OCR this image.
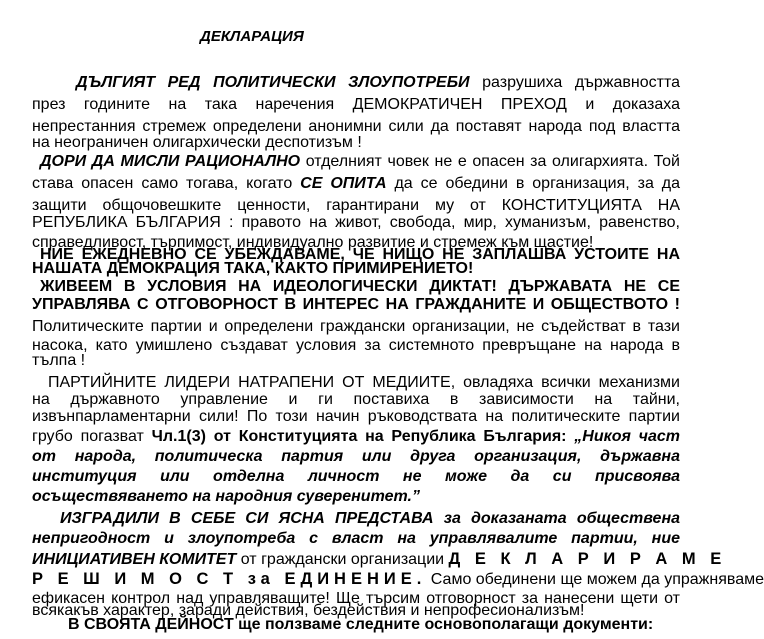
ДЕКЛАРАЦИЯ
ДЪЛГИЯТ РЕД ПОЛИТИЧЕСКИ ЗЛОУПОТРЕБИ разрушиха държавността
през годините на така наречения ДЕМОКРАТИЧЕН ПРЕХОД и доказаха
непрестанния стремеж определени анонимни сили да поставят народа под властта
на неограничен олигархически деспотизъм !
ДОРИ ДА МИСЛИ РАЦИОНАЛНО отделният човек не е опасен за олигархията. Той
става опасен само тогава, когато СЕ ОПИТА да се обедини в организация, за да
защити общочовешките ценности, гарантирани му от КОНСТИТУЦИЯТА НА
РЕПУБЛИКА БЪЛГАРИЯ : правото на живот, свобода, мир, хуманизъм, равенство,
справедливост, търпимост, индивидуално развитие и стремеж към щастие!
НИЕ ЕЖЕДНЕВНО СЕ УБЕЖДАВАМЕ, ЧЕ НИЩО НЕ ЗАПЛАШВА УСТОИТЕ НА
НАШАТА ДЕМОКРАЦИЯ ТАКА, КАКТО ПРИМИРЕНИЕТО!
ЖИВЕЕМ В УСЛОВИЯ НА ИДЕОЛОГИЧЕСКИ ДИКТАТ! ДЪРЖАВАТА НЕ СЕ
УПРАВЛЯВА С ОТГОВОРНОСТ В ИНТЕРЕС НА ГРАЖДАНИТЕ И ОБЩЕСТВОТО !
Политическите партии и определени граждански организации, не съдействат в тази
насока, като умишлено създават условия за системното превръщане на народа в
тълпа !
ПАРТИЙНИТЕ ЛИДЕРИ НАТРАПЕНИ ОТ МЕДИИТЕ, овладяха всички механизми
на държавното управление и ги поставиха в зависимости на тайни,
извънпарламентарни сили! По този начин ръководствата на политическите партии
грубо погазват Чл.1(3) от Конституцията на Република България: „Никоя част
от народа, политическа партия или друга организация, държавна
институция или отделна личност не може да си присвоява
осъществяването на народния суверенитет.”
ИЗГРАДИЛИ В СЕБЕ СИ ЯСНА ПРЕДСТАВА за доказаната обществена
непригодност и злоупотреба с власт на управлявалите партии, ние
ИНИЦИАТИВЕН КОМИТЕТ от граждански организации Д Е К Л А Р И Р А М Е
Р Е Ш И М О С Т за ЕДИНЕНИЕ. Само обединени ще можем да упражняваме
ефикасен контрол над управляващите! Ще търсим отговорност за нанесени щети от
всякакъв характер, заради действия, бездействия и непрофесионализъм!
В СВОЯТА ДЕЙНОСТ ще ползваме следните основополагащи документи:
